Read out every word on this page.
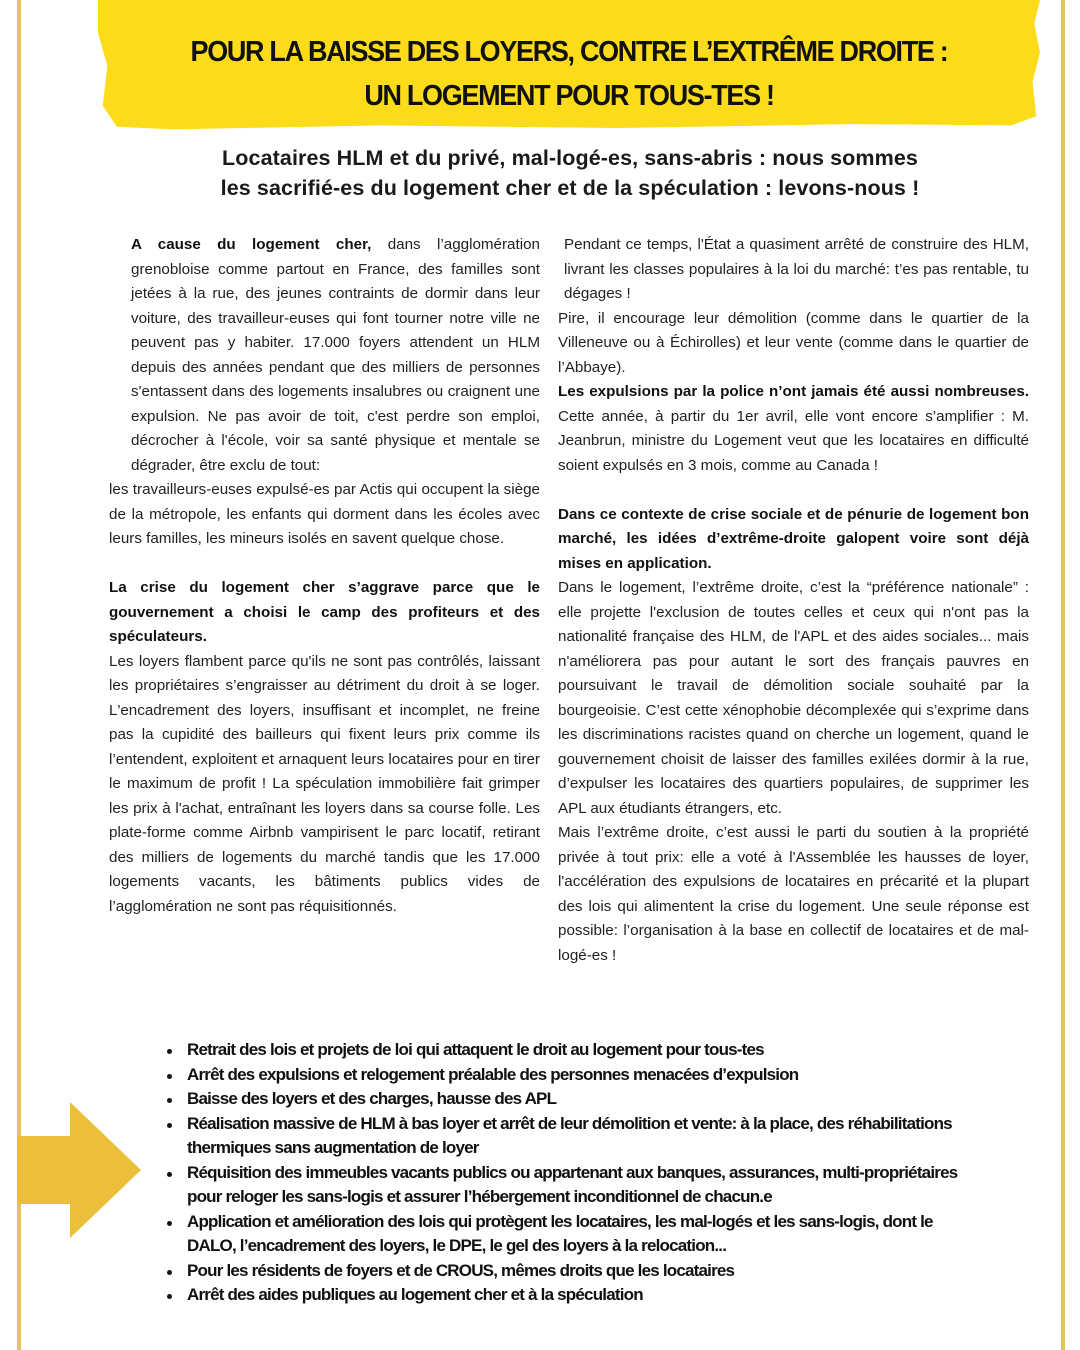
POUR LA BAISSE DES LOYERS, CONTRE L’EXTRÊME DROITE :
UN LOGEMENT POUR TOUS-TES !
Locataires HLM et du privé, mal-logé-es, sans-abris : nous sommes
les sacrifié-es du logement cher et de la spéculation : levons-nous !

A cause du logement cher, dans l’agglomération grenobloise comme partout en France, des familles sont jetées à la rue, des jeunes contraints de dormir dans leur voiture, des travailleur-euses qui font tourner notre ville ne peuvent pas y habiter. 17.000 foyers attendent un HLM depuis des années pendant que des milliers de personnes s'entassent dans des logements insalubres ou craignent une expulsion. Ne pas avoir de toit, c'est perdre son emploi, décrocher à l'école, voir sa santé physique et mentale se dégrader, être exclu de tout:

les travailleurs-euses expulsé-es par Actis qui occupent la siège de la métropole, les enfants qui dorment dans les écoles avec leurs familles, les mineurs isolés en savent quelque chose.

La crise du logement cher s’aggrave parce que le gouvernement a choisi le camp des profiteurs et des spéculateurs.

Les loyers flambent parce qu'ils ne sont pas contrôlés, laissant les propriétaires s’engraisser au détriment du droit à se loger. L'encadrement des loyers, insuffisant et incomplet, ne freine pas la cupidité des bailleurs qui fixent leurs prix comme ils l’entendent, exploitent et arnaquent leurs locataires pour en tirer le maximum de profit ! La spéculation immobilière fait grimper les prix à l'achat, entraînant les loyers dans sa course folle. Les plate-forme comme Airbnb vampirisent le parc locatif, retirant des milliers de logements du marché tandis que les 17.000 logements vacants, les bâtiments publics vides de l’agglomération ne sont pas réquisitionnés.

Pendant ce temps, l'État a quasiment arrêté de construire des HLM, livrant les classes populaires à la loi du marché: t’es pas rentable, tu dégages !

Pire, il encourage leur démolition (comme dans le quartier de la Villeneuve ou à Échirolles) et leur vente (comme dans le quartier de l’Abbaye).

Les expulsions par la police n’ont jamais été aussi nombreuses. Cette année, à partir du 1er avril, elle vont encore s’amplifier : M. Jeanbrun, ministre du Logement veut que les locataires en difficulté soient expulsés en 3 mois, comme au Canada !

Dans ce contexte de crise sociale et de pénurie de logement bon marché, les idées d’extrême-droite galopent voire sont déjà mises en application.

Dans le logement, l’extrême droite, c’est la “préférence nationale” : elle projette l'exclusion de toutes celles et ceux qui n'ont pas la nationalité française des HLM, de l'APL et des aides sociales... mais n'améliorera pas pour autant le sort des français pauvres en poursuivant le travail de démolition sociale souhaité par la bourgeoisie. C’est cette xénophobie décomplexée qui s’exprime dans les discriminations racistes quand on cherche un logement, quand le gouvernement choisit de laisser des familles exilées dormir à la rue, d’expulser les locataires des quartiers populaires, de supprimer les APL aux étudiants étrangers, etc.

Mais l’extrême droite, c’est aussi le parti du soutien à la propriété privée à tout prix: elle a voté à l'Assemblée les hausses de loyer, l'accélération des expulsions de locataires en précarité et la plupart des lois qui alimentent la crise du logement. Une seule réponse est possible: l’organisation à la base en collectif de locataires et de mal-logé-es !

Retrait des lois et projets de loi qui attaquent le droit au logement pour tous-tes
Arrêt des expulsions et relogement préalable des personnes menacées d’expulsion
Baisse des loyers et des charges, hausse des APL
Réalisation massive de HLM à bas loyer et arrêt de leur démolition et vente: à la place, des réhabilitations thermiques sans augmentation de loyer
Réquisition des immeubles vacants publics ou appartenant aux banques, assurances, multi-propriétaires pour reloger les sans-logis et assurer l’hébergement inconditionnel de chacun.e
Application et amélioration des lois qui protègent les locataires, les mal-logés et les sans-logis, dont le DALO, l’encadrement des loyers, le DPE, le gel des loyers à la relocation...
Pour les résidents de foyers et de CROUS, mêmes droits que les locataires
Arrêt des aides publiques au logement cher et à la spéculation
